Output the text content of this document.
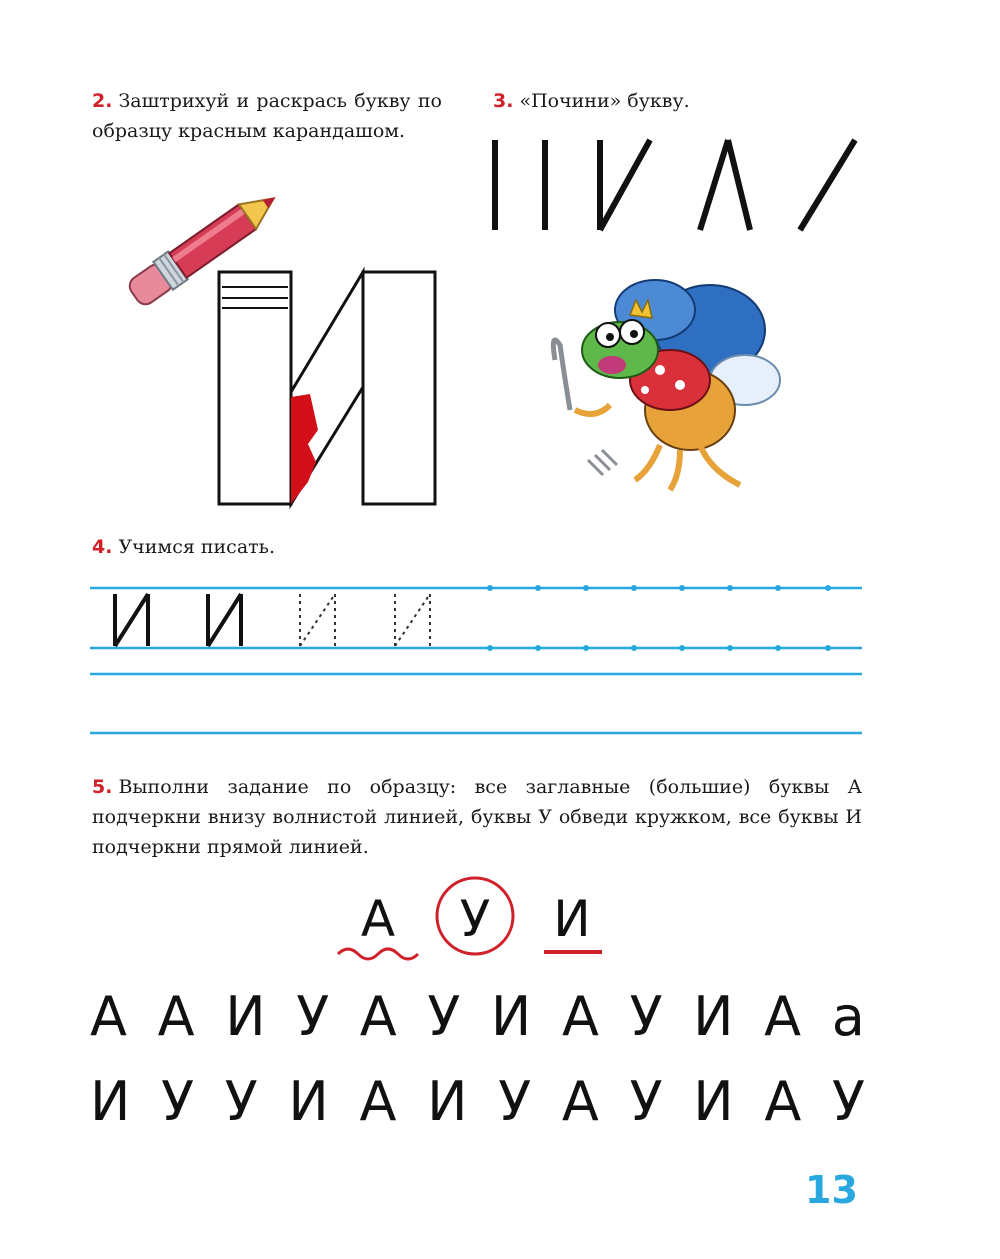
2. Заштрихуй и раскрась букву по образцу красным карандашом.
3. «Почини» букву.
4. Учимся писать.
5. Выполни задание по образцу: все заглавные (большие) буквы А подчеркни внизу волнистой линией, буквы У обведи кружком, все буквы И подчеркни прямой линией.
А	У	И
А А И У А У И А У И А а
И У У И А И У А У И А У
13
